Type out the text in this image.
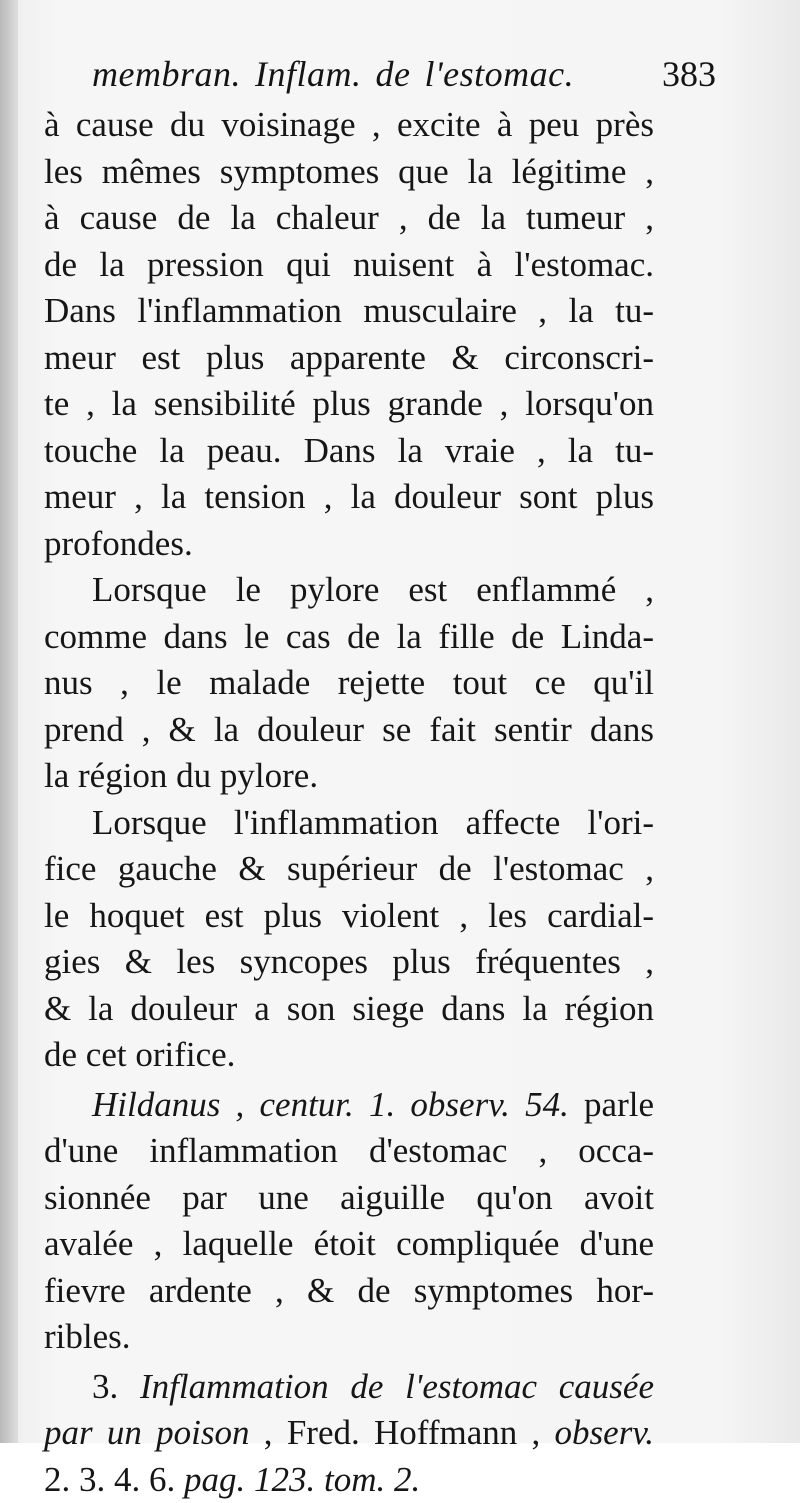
membran. Inflam. de l'estomac.	383
à cause du voisinage , excite à peu près
les mêmes symptomes que la légitime ,
à cause de la chaleur , de la tumeur ,
de la pression qui nuisent à l'estomac.
Dans l'inflammation musculaire , la tu-
meur est plus apparente & circonscri-
te , la sensibilité plus grande , lorsqu'on
touche la peau. Dans la vraie , la tu-
meur , la tension , la douleur sont plus
profondes.
Lorsque le pylore est enflammé ,
comme dans le cas de la fille de Linda-
nus , le malade rejette tout ce qu'il
prend , & la douleur se fait sentir dans
la région du pylore.
Lorsque l'inflammation affecte l'ori-
fice gauche & supérieur de l'estomac ,
le hoquet est plus violent , les cardial-
gies & les syncopes plus fréquentes ,
& la douleur a son siege dans la région
de cet orifice.
Hildanus , centur. 1. observ. 54. parle
d'une inflammation d'estomac , occa-
sionnée par une aiguille qu'on avoit
avalée , laquelle étoit compliquée d'une
fievre ardente , & de symptomes hor-
ribles.
3. Inflammation de l'estomac causée
par un poison , Fred. Hoffmann , observ.
2. 3. 4. 6. pag. 123. tom. 2.
